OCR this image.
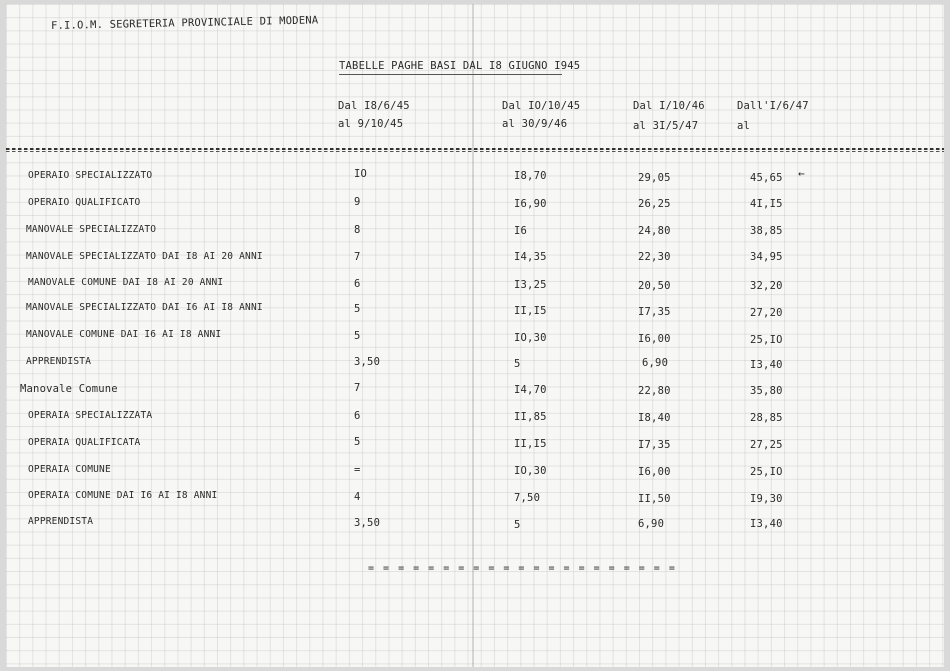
F.I.O.M. SEGRETERIA PROVINCIALE DI MODENA
TABELLE PAGHE BASI DAL I8 GIUGNO I945
Dal I8/6/45
al 9/10/45
Dal IO/10/45
al 30/9/46
Dal I/10/46
al 3I/5/47
Dall'I/6/47
al
OPERAIO SPECIALIZZATO	IO	I8,70	29,05	45,65
OPERAIO QUALIFICATO	9	I6,90	26,25	4I,I5
MANOVALE SPECIALIZZATO	8	I6	24,80	38,85
MANOVALE SPECIALIZZATO DAI I8 AI 20 ANNI	7	I4,35	22,30	34,95
MANOVALE COMUNE DAI I8 AI 20 ANNI	6	I3,25	20,50	32,20
MANOVALE SPECIALIZZATO DAI I6 AI I8 ANNI	5	II,I5	I7,35	27,20
MANOVALE COMUNE DAI I6 AI I8 ANNI	5	IO,30	I6,00	25,IO
APPRENDISTA	3,50	5	6,90	I3,40
Manovale Comune	7	I4,70	22,80	35,80
OPERAIA SPECIALIZZATA	6	II,85	I8,40	28,85
OPERAIA QUALIFICATA	5	II,I5	I7,35	27,25
OPERAIA COMUNE	=	IO,30	I6,00	25,IO
OPERAIA COMUNE DAI I6 AI I8 ANNI	4	7,50	II,50	I9,30
APPRENDISTA	3,50	5	6,90	I3,40
←
= = = = = = = = = = = = = = = = = = = = =
